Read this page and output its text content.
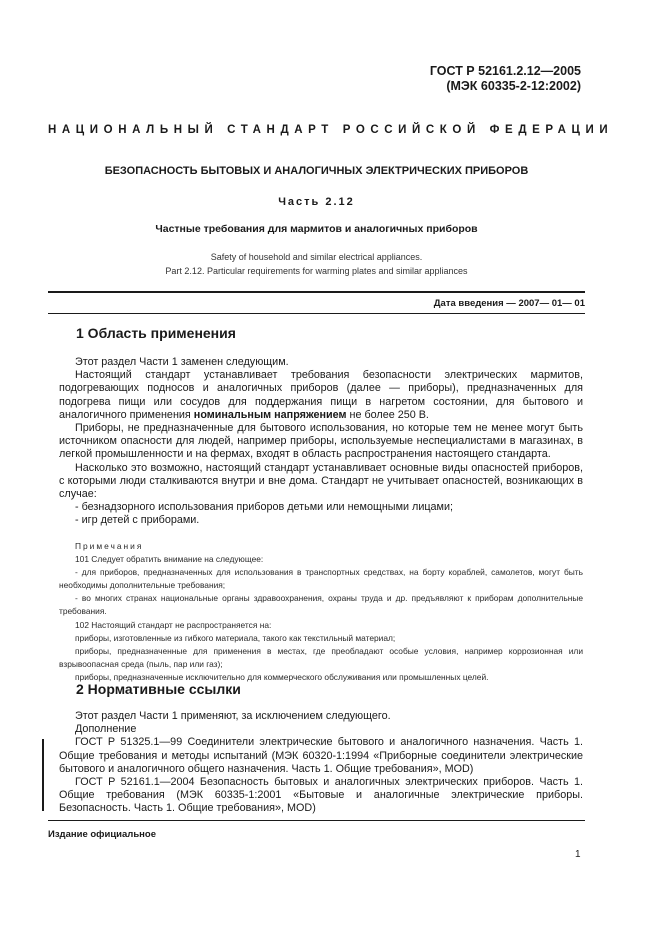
ГОСТ Р 52161.2.12—2005
(МЭК 60335-2-12:2002)
НАЦИОНАЛЬНЫЙ СТАНДАРТ РОССИЙСКОЙ ФЕДЕРАЦИИ
БЕЗОПАСНОСТЬ БЫТОВЫХ И АНАЛОГИЧНЫХ ЭЛЕКТРИЧЕСКИХ ПРИБОРОВ
Часть 2.12
Частные требования для мармитов и аналогичных приборов
Safety of household and similar electrical appliances.
Part 2.12. Particular requirements for warming plates and similar appliances
Дата введения — 2007— 01— 01
1 Область применения

Этот раздел Части 1 заменен следующим.

Настоящий стандарт устанавливает требования безопасности электрических мармитов, подогревающих подносов и аналогичных приборов (далее — приборы), предназначенных для подогрева пищи или сосудов для поддержания пищи в нагретом состоянии, для бытового и аналогичного применения номинальным напряжением не более 250 В.

Приборы, не предназначенные для бытового использования, но которые тем не менее могут быть источником опасности для людей, например приборы, используемые неспециалистами в магазинах, в легкой промышленности и на фермах, входят в область распространения настоящего стандарта.

Насколько это возможно, настоящий стандарт устанавливает основные виды опасностей приборов, с которыми люди сталкиваются внутри и вне дома. Стандарт не учитывает опасностей, возникающих в случае:

- безнадзорного использования приборов детьми или немощными лицами;

- игр детей с приборами.

Примечания

101 Следует обратить внимание на следующее:

- для приборов, предназначенных для использования в транспортных средствах, на борту кораблей, самолетов, могут быть необходимы дополнительные требования;

- во многих странах национальные органы здравоохранения, охраны труда и др. предъявляют к приборам дополнительные требования.

102 Настоящий стандарт не распространяется на:

приборы, изготовленные из гибкого материала, такого как текстильный материал;

приборы, предназначенные для применения в местах, где преобладают особые условия, например коррозионная или взрывоопасная среда (пыль, пар или газ);

приборы, предназначенные исключительно для коммерческого обслуживания или промышленных целей.

2 Нормативные ссылки

Этот раздел Части 1 применяют, за исключением следующего.

Дополнение

ГОСТ Р 51325.1—99 Соединители электрические бытового и аналогичного назначения. Часть 1. Общие требования и методы испытаний (МЭК 60320-1:1994 «Приборные соединители электрические бытового и аналогичного общего назначения. Часть 1. Общие требования», MOD)

ГОСТ Р 52161.1—2004 Безопасность бытовых и аналогичных электрических приборов. Часть 1. Общие требования (МЭК 60335-1:2001 «Бытовые и аналогичные электрические приборы. Безопасность. Часть 1. Общие требования», MOD)

Издание официальное
1
